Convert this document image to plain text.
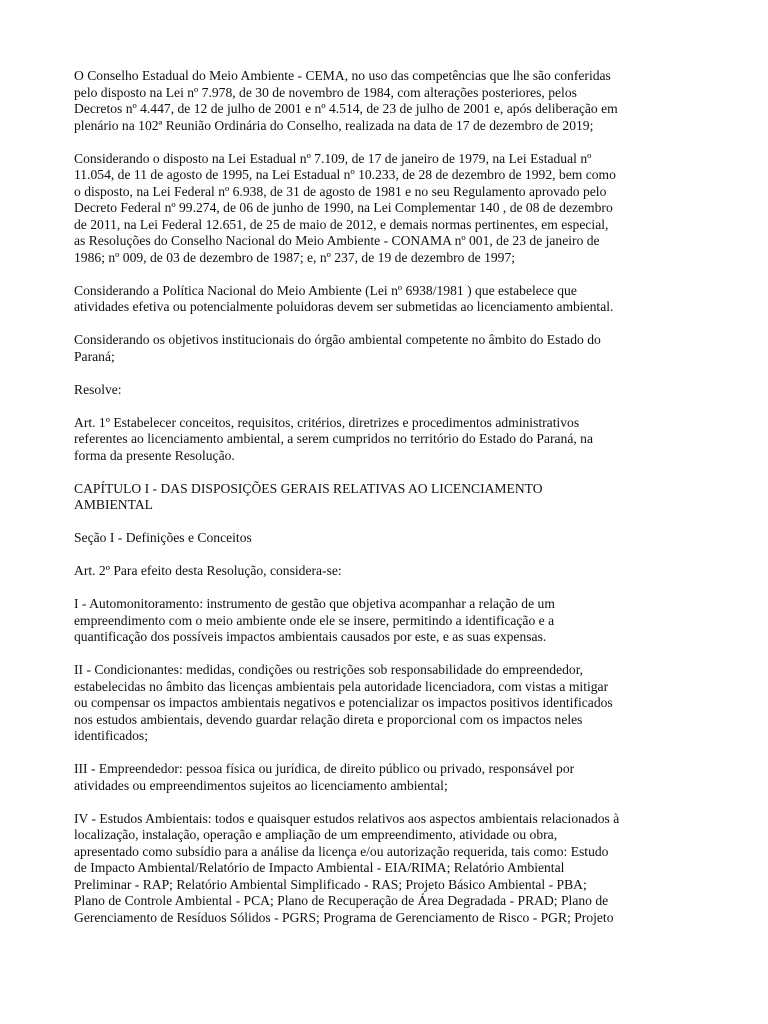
O Conselho Estadual do Meio Ambiente - CEMA, no uso das competências que lhe são conferidas
pelo disposto na Lei nº 7.978, de 30 de novembro de 1984, com alterações posteriores, pelos
Decretos nº 4.447, de 12 de julho de 2001 e nº 4.514, de 23 de julho de 2001 e, após deliberação em
plenário na 102ª Reunião Ordinária do Conselho, realizada na data de 17 de dezembro de 2019;

Considerando o disposto na Lei Estadual nº 7.109, de 17 de janeiro de 1979, na Lei Estadual nº
11.054, de 11 de agosto de 1995, na Lei Estadual nº 10.233, de 28 de dezembro de 1992, bem como
o disposto, na Lei Federal nº 6.938, de 31 de agosto de 1981 e no seu Regulamento aprovado pelo
Decreto Federal nº 99.274, de 06 de junho de 1990, na Lei Complementar 140 , de 08 de dezembro
de 2011, na Lei Federal 12.651, de 25 de maio de 2012, e demais normas pertinentes, em especial,
as Resoluções do Conselho Nacional do Meio Ambiente - CONAMA nº 001, de 23 de janeiro de
1986; nº 009, de 03 de dezembro de 1987; e, nº 237, de 19 de dezembro de 1997;

Considerando a Política Nacional do Meio Ambiente (Lei nº 6938/1981 ) que estabelece que
atividades efetiva ou potencialmente poluidoras devem ser submetidas ao licenciamento ambiental.

Considerando os objetivos institucionais do órgão ambiental competente no âmbito do Estado do
Paraná;

Resolve:

Art. 1º Estabelecer conceitos, requisitos, critérios, diretrizes e procedimentos administrativos
referentes ao licenciamento ambiental, a serem cumpridos no território do Estado do Paraná, na
forma da presente Resolução.

CAPÍTULO I - DAS DISPOSIÇÕES GERAIS RELATIVAS AO LICENCIAMENTO
AMBIENTAL

Seção I - Definições e Conceitos

Art. 2º Para efeito desta Resolução, considera-se:

I - Automonitoramento: instrumento de gestão que objetiva acompanhar a relação de um
empreendimento com o meio ambiente onde ele se insere, permitindo a identificação e a
quantificação dos possíveis impactos ambientais causados por este, e as suas expensas.

II - Condicionantes: medidas, condições ou restrições sob responsabilidade do empreendedor,
estabelecidas no âmbito das licenças ambientais pela autoridade licenciadora, com vistas a mitigar
ou compensar os impactos ambientais negativos e potencializar os impactos positivos identificados
nos estudos ambientais, devendo guardar relação direta e proporcional com os impactos neles
identificados;

III - Empreendedor: pessoa física ou jurídica, de direito público ou privado, responsável por
atividades ou empreendimentos sujeitos ao licenciamento ambiental;

IV - Estudos Ambientais: todos e quaisquer estudos relativos aos aspectos ambientais relacionados à
localização, instalação, operação e ampliação de um empreendimento, atividade ou obra,
apresentado como subsídio para a análise da licença e/ou autorização requerida, tais como: Estudo
de Impacto Ambiental/Relatório de Impacto Ambiental - EIA/RIMA; Relatório Ambiental
Preliminar - RAP; Relatório Ambiental Simplificado - RAS; Projeto Básico Ambiental - PBA;
Plano de Controle Ambiental - PCA; Plano de Recuperação de Área Degradada - PRAD; Plano de
Gerenciamento de Resíduos Sólidos - PGRS; Programa de Gerenciamento de Risco - PGR; Projeto
